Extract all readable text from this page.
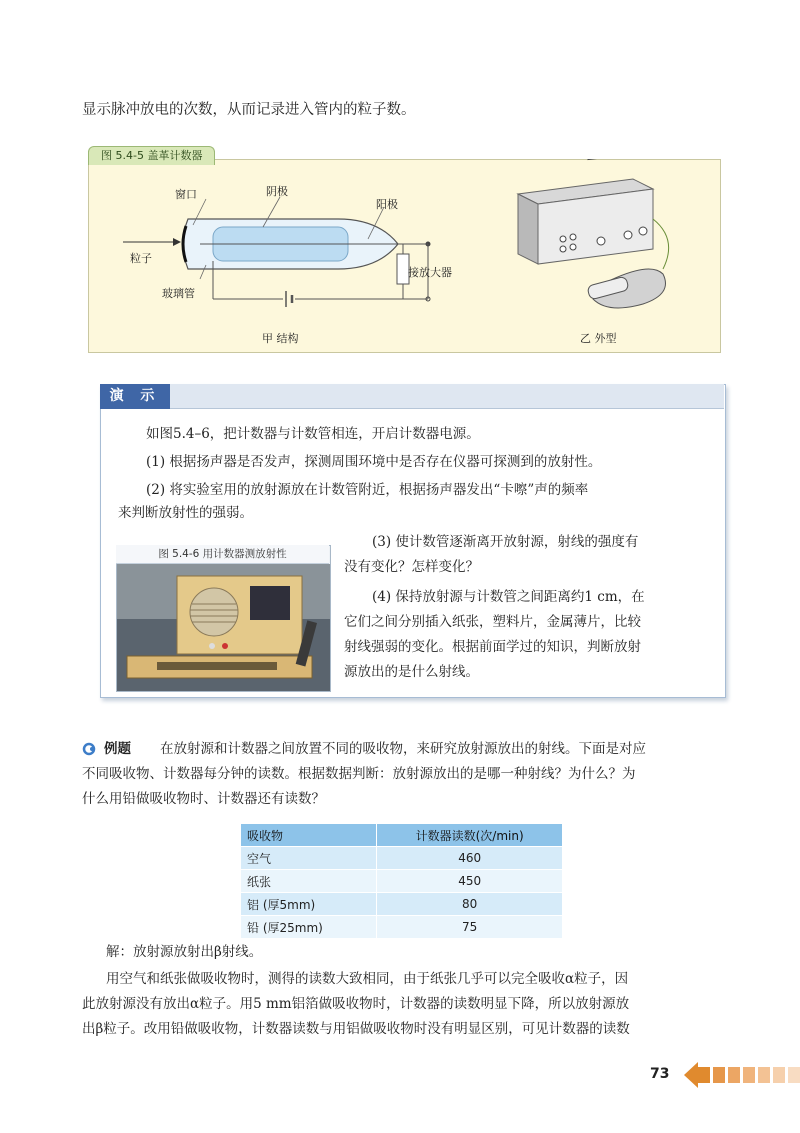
显示脉冲放电的次数，从而记录进入管内的粒子数。
图 5.4-5 盖革计数器
窗口	阴极
阳极
粒子
玻璃管
接放大器
甲 结构	乙 外型
演 示
如图5.4–6，把计数器与计数管相连，开启计数器电源。
(1) 根据扬声器是否发声，探测周围环境中是否存在仪器可探测到的放射性。
(2) 将实验室用的放射源放在计数管附近，根据扬声器发出“卡嚓”声的频率
来判断放射性的强弱。
图 5.4-6 用计数器测放射性
(3) 使计数管逐渐离开放射源，射线的强度有
没有变化？怎样变化？
(4) 保持放射源与计数管之间距离约1 cm，在
它们之间分别插入纸张，塑料片，金属薄片，比较
射线强弱的变化。根据前面学过的知识，判断放射
源放出的是什么射线。
例题 在放射源和计数器之间放置不同的吸收物，来研究放射源放出的射线。下面是对应
不同吸收物、计数器每分钟的读数。根据数据判断：放射源放出的是哪一种射线？为什么？为
什么用铅做吸收物时、计数器还有读数？
吸收物	计数器读数(次/min)
空气	460
纸张	450
铝 (厚5mm)	80
铅 (厚25mm)	75
解：放射源放射出β射线。
用空气和纸张做吸收物时，测得的读数大致相同，由于纸张几乎可以完全吸收α粒子，因
此放射源没有放出α粒子。用5 mm铝箔做吸收物时，计数器的读数明显下降，所以放射源放
出β粒子。改用铅做吸收物，计数器读数与用铝做吸收物时没有明显区别，可见计数器的读数
73
